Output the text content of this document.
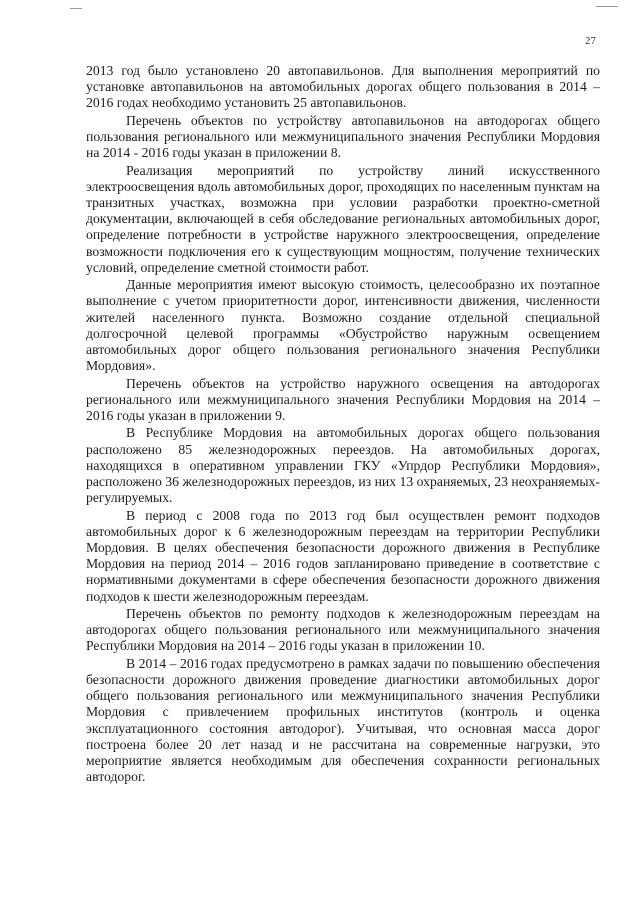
27

2013 год было установлено 20 автопавильонов. Для выполнения мероприятий по установке автопавильонов на автомобильных дорогах общего пользования в 2014 – 2016 годах необходимо установить 25 автопавильонов.

Перечень объектов по устройству автопавильонов на автодорогах общего пользования регионального или межмуниципального значения Республики Мордовия на 2014 - 2016 годы указан в приложении 8.

Реализация мероприятий по устройству линий искусственного электроосвещения вдоль автомобильных дорог, проходящих по населенным пунктам на транзитных участках, возможна при условии разработки проектно-сметной документации, включающей в себя обследование региональных автомобильных дорог, определение потребности в устройстве наружного электроосвещения, определение возможности подключения его к существующим мощностям, получение технических условий, определение сметной стоимости работ.

Данные мероприятия имеют высокую стоимость, целесообразно их поэтапное выполнение с учетом приоритетности дорог, интенсивности движения, численности жителей населенного пункта. Возможно создание отдельной специальной долгосрочной целевой программы «Обустройство наружным освещением автомобильных дорог общего пользования регионального значения Республики Мордовия».

Перечень объектов на устройство наружного освещения на автодорогах регионального или межмуниципального значения Республики Мордовия на 2014 – 2016 годы указан в приложении 9.

В Республике Мордовия на автомобильных дорогах общего пользования расположено 85 железнодорожных переездов. На автомобильных дорогах, находящихся в оперативном управлении ГКУ «Упрдор Республики Мордовия», расположено 36 железнодорожных переездов, из них 13 охраняемых, 23 неохраняемых-регулируемых.

В период с 2008 года по 2013 год был осуществлен ремонт подходов автомобильных дорог к 6 железнодорожным переездам на территории Республики Мордовия. В целях обеспечения безопасности дорожного движения в Республике Мордовия на период 2014 – 2016 годов запланировано приведение в соответствие с нормативными документами в сфере обеспечения безопасности дорожного движения подходов к шести железнодорожным переездам.

Перечень объектов по ремонту подходов к железнодорожным переездам на автодорогах общего пользования регионального или межмуниципального значения Республики Мордовия на 2014 – 2016 годы указан в приложении 10.

В 2014 – 2016 годах предусмотрено в рамках задачи по повышению обеспечения безопасности дорожного движения проведение диагностики автомобильных дорог общего пользования регионального или межмуниципального значения Республики Мордовия с привлечением профильных институтов (контроль и оценка эксплуатационного состояния автодорог). Учитывая, что основная масса дорог построена более 20 лет назад и не рассчитана на современные нагрузки, это мероприятие является необходимым для обеспечения сохранности региональных автодорог.
